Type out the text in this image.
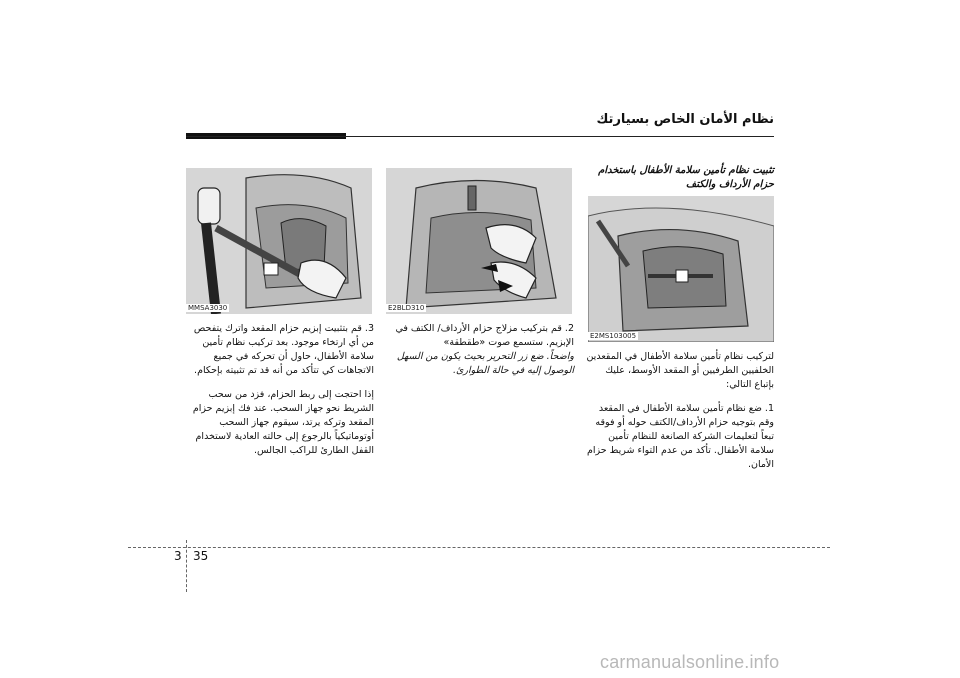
ﻧﻈﺎﻡ ﺍﻷﻣﺎﻥ ﺍﻟﺨﺎﺹ ﺑﺴﻴﺎﺭﺗﻚ
MMSA3030	E2BLD310
E2MS103005
ﺗﺜﺒﻴﺖ ﻧﻈﺎﻡ ﺗﺄﻣﻴﻦ ﺳﻼﻣﺔ ﺍﻷﻃﻔﺎﻝ ﺑﺎﺳﺘﺨﺪﺍﻡ ﺣﺰﺍﻡ ﺍﻷﺭﺩﺍﻑ ﻭﺍﻟﻜﺘﻒ

ﻟﺘﺮﻛﻴﺐ ﻧﻈﺎﻡ ﺗﺄﻣﻴﻦ ﺳﻼﻣﺔ ﺍﻷﻃﻔﺎﻝ ﻓﻲ ﺍﻟﻤﻘﻌﺪﻳﻦ ﺍﻟﺨﻠﻔﻴﻴﻦ ﺍﻟﻄﺮﻓﻴﻴﻦ ﺃﻭ ﺍﻟﻤﻘﻌﺪ ﺍﻷﻭﺳﻂ، ﻋﻠﻴﻚ ﺑﺈﺗﺒﺎﻉ ﺍﻟﺘﺎﻟﻲ:

1. ﺿﻊ ﻧﻈﺎﻡ ﺗﺄﻣﻴﻦ ﺳﻼﻣﺔ ﺍﻷﻃﻔﺎﻝ ﻓﻲ ﺍﻟﻤﻘﻌﺪ ﻭﻗﻢ ﺑﺘﻮﺟﻴﻪ ﺣﺰﺍﻡ ﺍﻷﺭﺩﺍﻑ/ﺍﻟﻜﺘﻒ ﺣﻮﻟﻪ ﺃﻭ ﻓﻮﻗﻪ ﺗﺒﻌﺎً ﻟﺘﻌﻠﻴﻤﺎﺕ ﺍﻟﺸﺮﻛﺔ ﺍﻟﺼﺎﻧﻌﺔ ﻟﻠﻨﻈﺎﻡ ﺗﺄﻣﻴﻦ ﺳﻼﻣﺔ ﺍﻷﻃﻔﺎﻝ. ﺗﺄﻛﺪ ﻣﻦ ﻋﺪﻡ ﺍﻟﺘﻮﺍﺀ ﺷﺮﻳﻂ ﺣﺰﺍﻡ ﺍﻷﻣﺎﻥ.

2. ﻗﻢ ﺑﺘﺮﻛﻴﺐ ﻣﺰﻻﺝ ﺣﺰﺍﻡ ﺍﻷﺭﺩﺍﻑ/ ﺍﻟﻜﺘﻒ ﻓﻲ ﺍﻹﺑﺰﻳﻢ. ﺳﺘﺴﻤﻊ ﺻﻮﺕ «ﻃﻘﻄﻘﺔ»

ﻭﺍﺿﺤﺎً. ﺿﻊ ﺯﺭ ﺍﻟﺘﺤﺮﻳﺮ ﺑﺤﻴﺚ ﻳﻜﻮﻥ ﻣﻦ ﺍﻟﺴﻬﻞ ﺍﻟﻮﺻﻮﻝ ﺇﻟﻴﻪ ﻓﻲ ﺣﺎﻟﺔ ﺍﻟﻄﻮﺍﺭﺉ.

3. ﻗﻢ ﺑﺘﺜﺒﻴﺖ ﺇﺑﺰﻳﻢ ﺣﺰﺍﻡ ﺍﻟﻤﻘﻌﺪ ﻭﺍﺗﺮﻙ ﻳﺘﻔﺤﺺ ﻣﻦ ﺃﻱ ﺍﺭﺗﺨﺎﺀ ﻣﻮﺟﻮﺩ. ﺑﻌﺪ ﺗﺮﻛﻴﺐ ﻧﻈﺎﻡ ﺗﺄﻣﻴﻦ ﺳﻼﻣﺔ ﺍﻷﻃﻔﺎﻝ، ﺣﺎﻭﻝ ﺃﻥ ﺗﺤﺮﻛﻪ ﻓﻲ ﺟﻤﻴﻊ ﺍﻻﺗﺠﺎﻫﺎﺕ ﻛﻲ ﺗﺘﺄﻛﺪ ﻣﻦ ﺃﻧﻪ ﻗﺪ ﺗﻢ ﺗﺜﺒﻴﺘﻪ ﺑﺈﺣﻜﺎﻡ.

ﺇﺫﺍ ﺍﺣﺘﺠﺖ ﺇﻟﻰ ﺭﺑﻂ ﺍﻟﺤﺰﺍﻡ، ﻓﺰﺩ ﻣﻦ ﺳﺤﺐ ﺍﻟﺸﺮﻳﻂ ﻧﺤﻮ ﺟﻬﺎﺯ ﺍﻟﺴﺤﺐ. ﻋﻨﺪ ﻓﻚ ﺇﺑﺰﻳﻢ ﺣﺰﺍﻡ ﺍﻟﻤﻘﻌﺪ ﻭﺗﺮﻛﻪ ﻳﺮﺗﺪ، ﺳﻴﻘﻮﻡ ﺟﻬﺎﺯ ﺍﻟﺴﺤﺐ ﺃﻭﺗﻮﻣﺎﺗﻴﻜﻴﺎً ﺑﺎﻟﺮﺟﻮﻉ ﺇﻟﻰ ﺣﺎﻟﺘﻪ ﺍﻟﻌﺎﺩﻳﺔ ﻻﺳﺘﺨﺪﺍﻡ ﺍﻟﻘﻔﻞ ﺍﻟﻄﺎﺭﺉ ﻟﻠﺮﺍﻛﺐ ﺍﻟﺠﺎﻟﺲ.

3 35
carmanualsonline.info
